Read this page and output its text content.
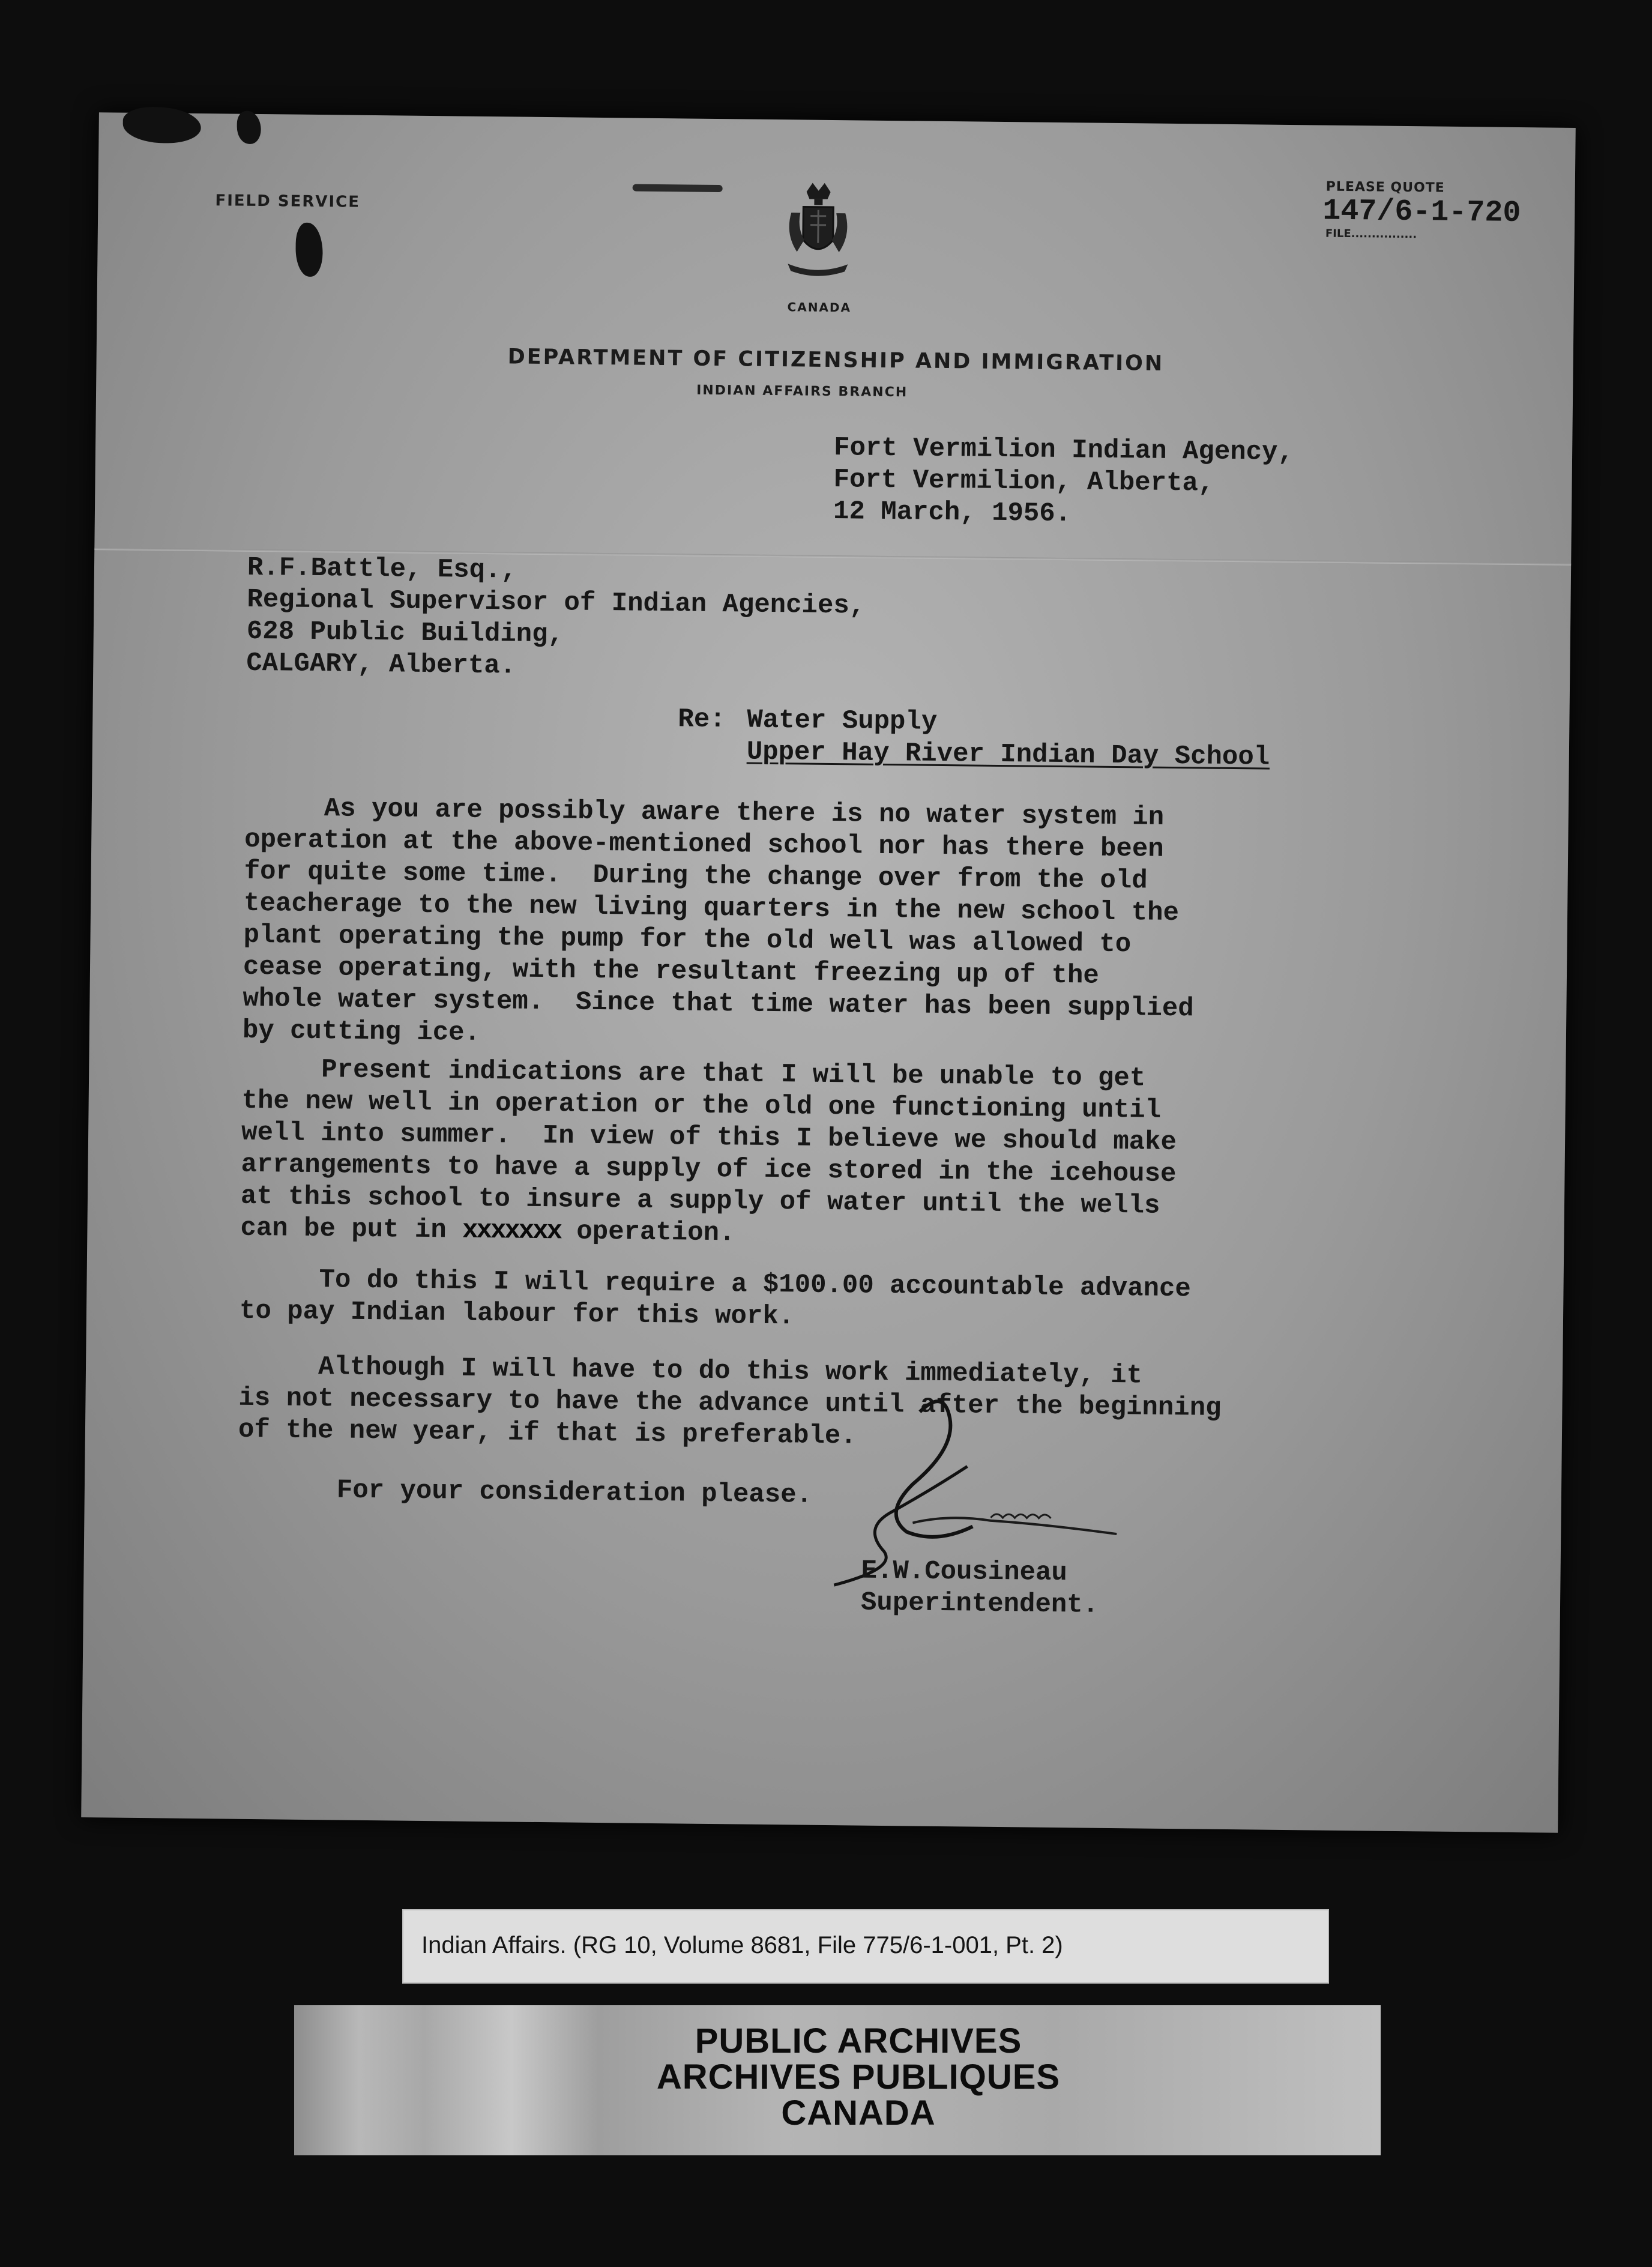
FIELD SERVICE
PLEASE QUOTE
147/6-1-720
FILE................
CANADA
DEPARTMENT OF CITIZENSHIP AND IMMIGRATION
INDIAN AFFAIRS BRANCH
Fort Vermilion Indian Agency,
Fort Vermilion, Alberta,
12 March, 1956.
R.F.Battle, Esq.,
Regional Supervisor of Indian Agencies,
628 Public Building,
CALGARY, Alberta.
Re: Water Supply
Upper Hay River Indian Day School
As you are possibly aware there is no water system in
operation at the above-mentioned school nor has there been
for quite some time.  During the change over from the old
teacherage to the new living quarters in the new school the
plant operating the pump for the old well was allowed to
cease operating, with the resultant freezing up of the
whole water system.  Since that time water has been supplied
by cutting ice.
Present indications are that I will be unable to get
the new well in operation or the old one functioning until
well into summer.  In view of this I believe we should make
arrangements to have a supply of ice stored in the icehouse
at this school to insure a supply of water until the wells
can be put in xxxxxxx operation.
To do this I will require a $100.00 accountable advance
to pay Indian labour for this work.
Although I will have to do this work immediately, it
is not necessary to have the advance until after the beginning
of the new year, if that is preferable.
For your consideration please.
E.W.Cousineau
Superintendent.
Indian Affairs. (RG 10, Volume 8681, File 775/6-1-001, Pt. 2)
PUBLIC ARCHIVES
ARCHIVES PUBLIQUES
CANADA
